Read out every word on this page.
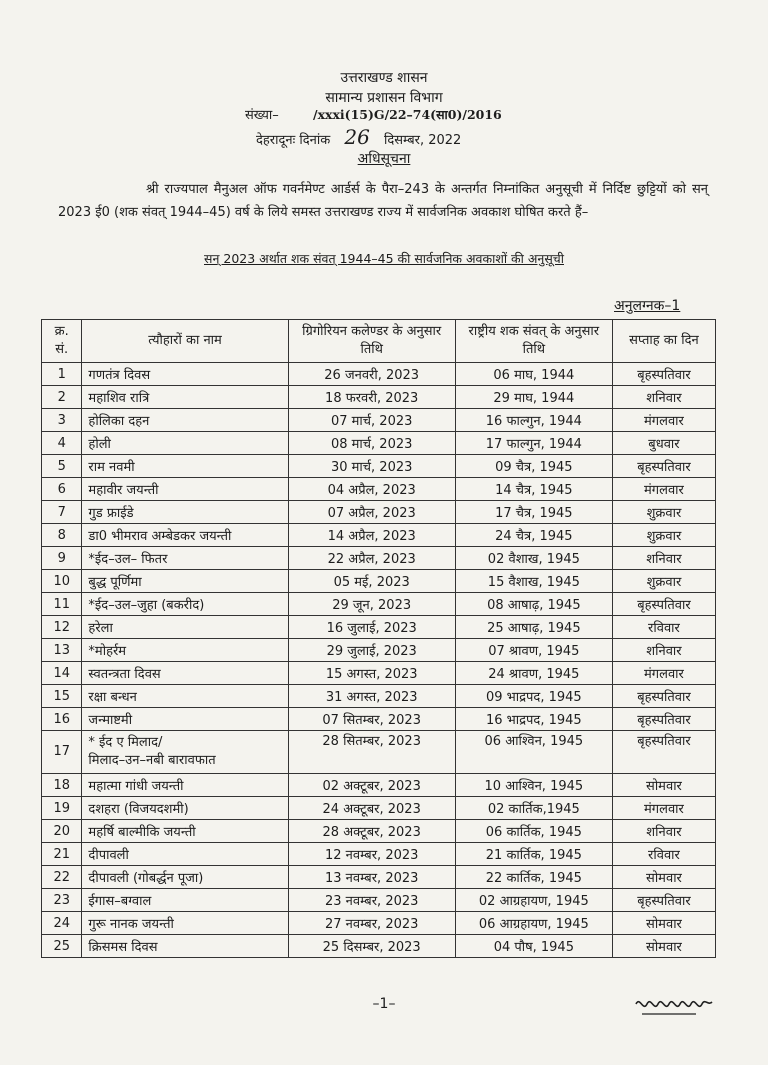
उत्तराखण्ड शासन
सामान्य प्रशासन विभाग
संख्या–	/xxxi(15)G/22–74(सा0)/2016
देहरादूनः दिनांक 26 दिसम्बर, 2022
अधिसूचना
श्री राज्यपाल मैनुअल ऑफ गवर्नमेण्ट आर्डर्स के पैरा–243 के अन्तर्गत निम्नांकित अनुसूची में निर्दिष्ट छुट्टियों को सन् 2023 ई0 (शक संवत् 1944–45) वर्ष के लिये समस्त उत्तराखण्ड राज्य में सार्वजनिक अवकाश घोषित करते हैं–
सन् 2023 अर्थात शक संवत् 1944–45 की सार्वजनिक अवकाशों की अनुसूची
अनुलग्नक–1
क्र. सं.	त्यौहारों का नाम	ग्रिगोरियन कलेण्डर के अनुसार तिथि	राष्ट्रीय शक संवत् के अनुसार तिथि	सप्ताह का दिन
1	गणतंत्र दिवस	26 जनवरी, 2023	06 माघ, 1944	बृहस्पतिवार
2	महाशिव रात्रि	18 फरवरी, 2023	29 माघ, 1944	शनिवार
3	होलिका दहन	07 मार्च, 2023	16 फाल्गुन, 1944	मंगलवार
4	होली	08 मार्च, 2023	17 फाल्गुन, 1944	बुधवार
5	राम नवमी	30 मार्च, 2023	09 चैत्र, 1945	बृहस्पतिवार
6	महावीर जयन्ती	04 अप्रैल, 2023	14 चैत्र, 1945	मंगलवार
7	गुड फ्राईडे	07 अप्रैल, 2023	17 चैत्र, 1945	शुक्रवार
8	डा0 भीमराव अम्बेडकर जयन्ती	14 अप्रैल, 2023	24 चैत्र, 1945	शुक्रवार
9	*ईद–उल– फितर	22 अप्रैल, 2023	02 वैशाख, 1945	शनिवार
10	बुद्ध पूर्णिमा	05 मई, 2023	15 वैशाख, 1945	शुक्रवार
11	*ईद–उल–जुहा (बकरीद)	29 जून, 2023	08 आषाढ़, 1945	बृहस्पतिवार
12	हरेला	16 जुलाई, 2023	25 आषाढ़, 1945	रविवार
13	*मोहर्रम	29 जुलाई, 2023	07 श्रावण, 1945	शनिवार
14	स्वतन्त्रता दिवस	15 अगस्त, 2023	24 श्रावण, 1945	मंगलवार
15	रक्षा बन्धन	31 अगस्त, 2023	09 भाद्रपद, 1945	बृहस्पतिवार
16	जन्माष्टमी	07 सितम्बर, 2023	16 भाद्रपद, 1945	बृहस्पतिवार
17	* ईद ए मिलाद/
मिलाद–उन–नबी बारावफात	28 सितम्बर, 2023	06 आश्विन, 1945	बृहस्पतिवार
18	महात्मा गांधी जयन्ती	02 अक्टूबर, 2023	10 आश्विन, 1945	सोमवार
19	दशहरा (विजयदशमी)	24 अक्टूबर, 2023	02 कार्तिक,1945	मंगलवार
20	महर्षि बाल्मीकि जयन्ती	28 अक्टूबर, 2023	06 कार्तिक, 1945	शनिवार
21	दीपावली	12 नवम्बर, 2023	21 कार्तिक, 1945	रविवार
22	दीपावली (गोबर्द्धन पूजा)	13 नवम्बर, 2023	22 कार्तिक, 1945	सोमवार
23	ईगास–बग्वाल	23 नवम्बर, 2023	02 आग्रहायण, 1945	बृहस्पतिवार
24	गुरू नानक जयन्ती	27 नवम्बर, 2023	06 आग्रहायण, 1945	सोमवार
25	क्रिसमस दिवस	25 दिसम्बर, 2023	04 पौष, 1945	सोमवार
–1–
